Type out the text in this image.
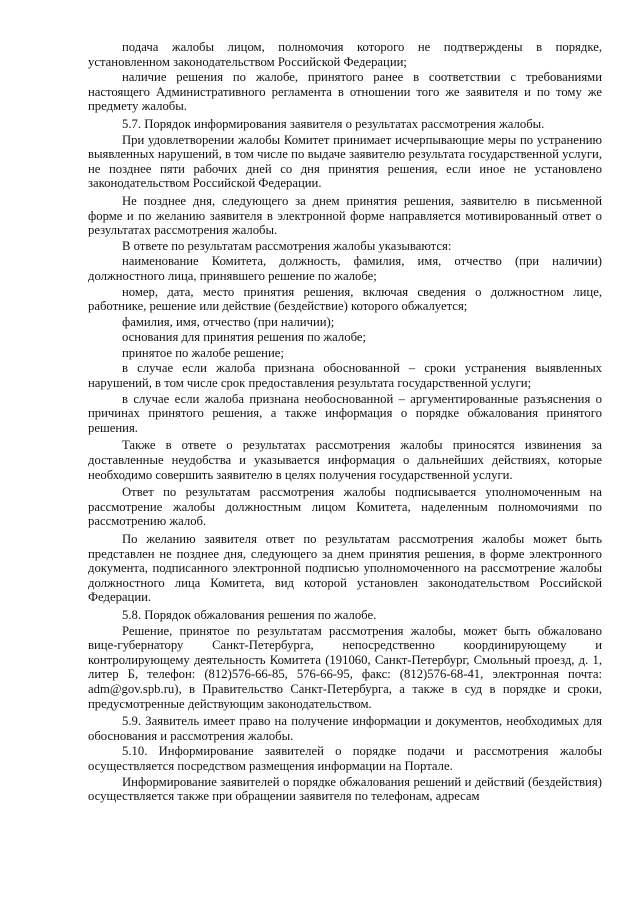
подача жалобы лицом, полномочия которого не подтверждены в порядке, установленном законодательством Российской Федерации;

наличие решения по жалобе, принятого ранее в соответствии с требованиями настоящего Административного регламента в отношении того же заявителя и по тому же предмету жалобы.

5.7. Порядок информирования заявителя о результатах рассмотрения жалобы.

При удовлетворении жалобы Комитет принимает исчерпывающие меры по устранению выявленных нарушений, в том числе по выдаче заявителю результата государственной услуги, не позднее пяти рабочих дней со дня принятия решения, если иное не установлено законодательством Российской Федерации.

Не позднее дня, следующего за днем принятия решения, заявителю в письменной форме и по желанию заявителя в электронной форме направляется мотивированный ответ о результатах рассмотрения жалобы.

В ответе по результатам рассмотрения жалобы указываются:

наименование Комитета, должность, фамилия, имя, отчество (при наличии) должностного лица, принявшего решение по жалобе;

номер, дата, место принятия решения, включая сведения о должностном лице, работнике, решение или действие (бездействие) которого обжалуется;

фамилия, имя, отчество (при наличии);

основания для принятия решения по жалобе;

принятое по жалобе решение;

в случае если жалоба признана обоснованной – сроки устранения выявленных нарушений, в том числе срок предоставления результата государственной услуги;

в случае если жалоба признана необоснованной – аргументированные разъяснения о причинах принятого решения, а также информация о порядке обжалования принятого решения.

Также в ответе о результатах рассмотрения жалобы приносятся извинения за доставленные неудобства и указывается информация о дальнейших действиях, которые необходимо совершить заявителю в целях получения государственной услуги.

Ответ по результатам рассмотрения жалобы подписывается уполномоченным на рассмотрение жалобы должностным лицом Комитета, наделенным полномочиями по рассмотрению жалоб.

По желанию заявителя ответ по результатам рассмотрения жалобы может быть представлен не позднее дня, следующего за днем принятия решения, в форме электронного документа, подписанного электронной подписью уполномоченного на рассмотрение жалобы должностного лица Комитета, вид которой установлен законодательством Российской Федерации.

5.8. Порядок обжалования решения по жалобе.

Решение, принятое по результатам рассмотрения жалобы, может быть обжаловано вице-губернатору Санкт-Петербурга, непосредственно координирующему и контролирующему деятельность Комитета (191060, Санкт-Петербург, Смольный проезд, д. 1, литер Б, телефон: (812)576-66-85, 576-66-95, факс: (812)576-68-41, электронная почта: adm@gov.spb.ru), в Правительство Санкт-Петербурга, а также в суд в порядке и сроки, предусмотренные действующим законодательством.

5.9. Заявитель имеет право на получение информации и документов, необходимых для обоснования и рассмотрения жалобы.

5.10. Информирование заявителей о порядке подачи и рассмотрения жалобы осуществляется посредством размещения информации на Портале.

Информирование заявителей о порядке обжалования решений и действий (бездействия) осуществляется также при обращении заявителя по телефонам, адресам
